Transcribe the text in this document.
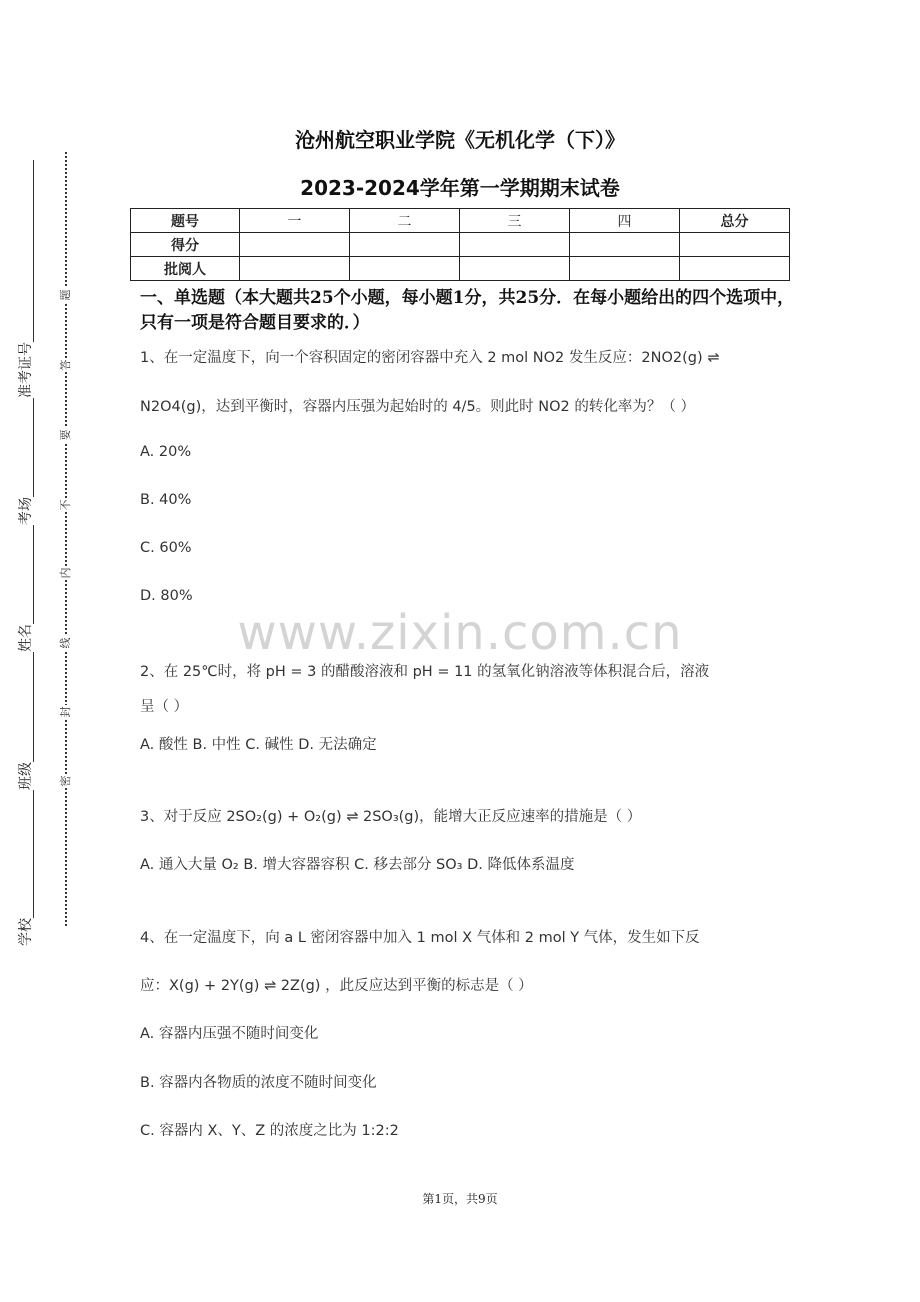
题
答
要
不
内
线
封
密
准考证号
考场
姓名
班级
学校
沧州航空职业学院《无机化学（下）》
2023-2024学年第一学期期末试卷
题号	一	二	三	四	总分
得分					
批阅人					
一、单选题（本大题共25个小题，每小题1分，共25分．在每小题给出的四个选项中，只有一项是符合题目要求的．）
1、在一定温度下，向一个容积固定的密闭容器中充入 2 mol NO2 发生反应：2NO2(g) ⇌
N2O4(g)，达到平衡时，容器内压强为起始时的 4/5。则此时 NO2 的转化率为？（ ）
A. 20%
B. 40%
C. 60%
D. 80%
www.zixin.com.cn
2、在 25℃时，将 pH = 3 的醋酸溶液和 pH = 11 的氢氧化钠溶液等体积混合后，溶液
呈（ ）
A. 酸性 B. 中性 C. 碱性 D. 无法确定
3、对于反应 2SO₂(g) + O₂(g) ⇌ 2SO₃(g)，能增大正反应速率的措施是（ ）
A. 通入大量 O₂ B. 增大容器容积 C. 移去部分 SO₃ D. 降低体系温度
4、在一定温度下，向 a L 密闭容器中加入 1 mol X 气体和 2 mol Y 气体，发生如下反
应：X(g) + 2Y(g) ⇌ 2Z(g) ，此反应达到平衡的标志是（ ）
A. 容器内压强不随时间变化
B. 容器内各物质的浓度不随时间变化
C. 容器内 X、Y、Z 的浓度之比为 1:2:2
第1页，共9页
